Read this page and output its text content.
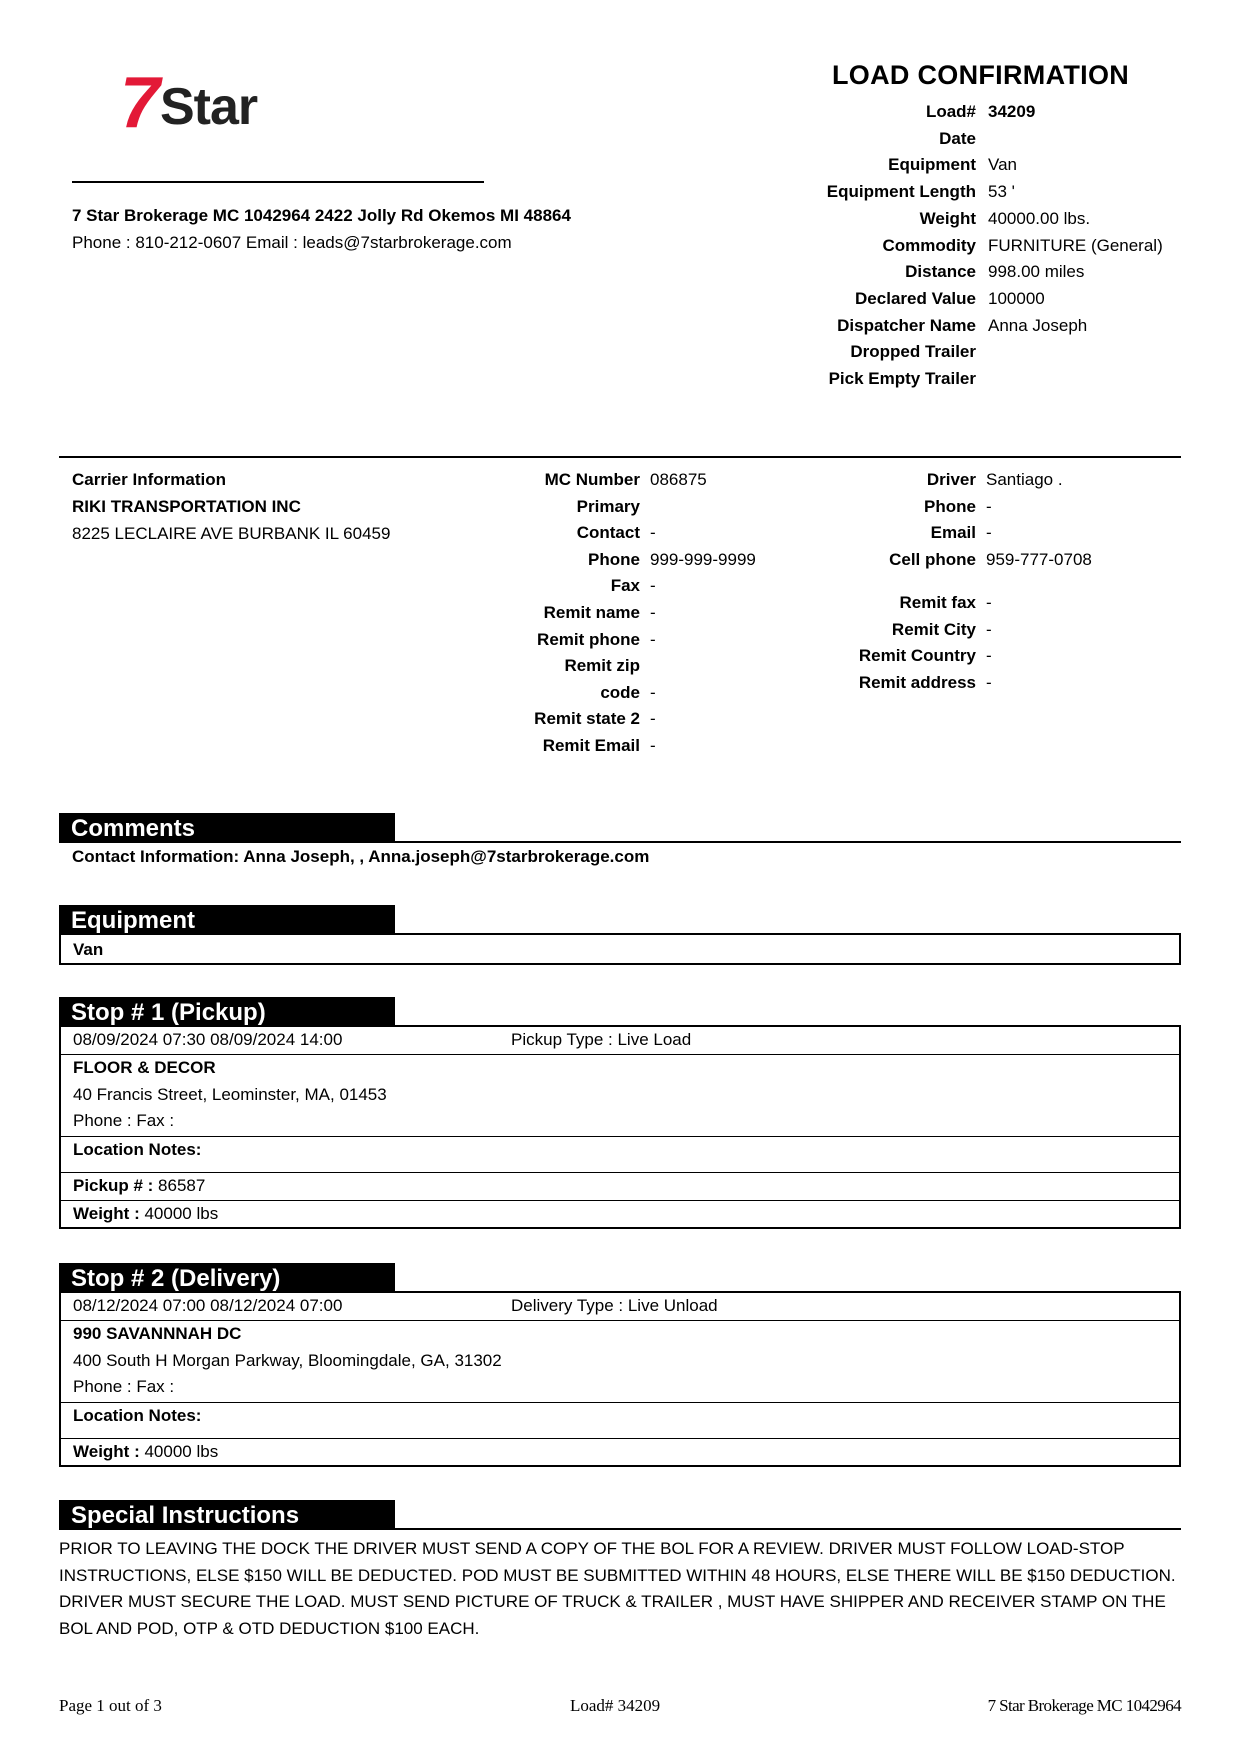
7 Star
7 Star Brokerage MC 1042964 2422 Jolly Rd Okemos MI 48864
Phone : 810-212-0607 Email : leads@7starbrokerage.com
LOAD CONFIRMATION
Load# 34209
Date
Equipment Van
Equipment Length 53 '
Weight 40000.00 lbs.
Commodity FURNITURE (General)
Distance 998.00 miles
Declared Value 100000
Dispatcher Name Anna Joseph
Dropped Trailer
Pick Empty Trailer
Carrier Information
RIKI TRANSPORTATION INC
8225 LECLAIRE AVE BURBANK IL 60459
MC Number 086875
Primary
Contact -
Phone 999-999-9999
Fax -
Remit name -
Remit phone -
Remit zip
code -
Remit state 2 -
Remit Email -
Driver Santiago .
Phone -
Email -
Cell phone 959-777-0708
Remit fax -
Remit City -
Remit Country -
Remit address -
Comments
Contact Information: Anna Joseph, , Anna.joseph@7starbrokerage.com
Equipment
Van
Stop # 1 (Pickup)
08/09/2024 07:30 08/09/2024 14:00	Pickup Type : Live Load
FLOOR & DECOR
40 Francis Street, Leominster, MA, 01453
Phone : Fax :
Location Notes:
Pickup # : 86587
Weight : 40000 lbs
Stop # 2 (Delivery)
08/12/2024 07:00 08/12/2024 07:00	Delivery Type : Live Unload
990 SAVANNNAH DC
400 South H Morgan Parkway, Bloomingdale, GA, 31302
Phone : Fax :
Location Notes:
Weight : 40000 lbs
Special Instructions
PRIOR TO LEAVING THE DOCK THE DRIVER MUST SEND A COPY OF THE BOL FOR A REVIEW. DRIVER MUST FOLLOW LOAD-STOP INSTRUCTIONS, ELSE $150 WILL BE DEDUCTED. POD MUST BE SUBMITTED WITHIN 48 HOURS, ELSE THERE WILL BE $150 DEDUCTION. DRIVER MUST SECURE THE LOAD. MUST SEND PICTURE OF TRUCK & TRAILER , MUST HAVE SHIPPER AND RECEIVER STAMP ON THE BOL AND POD, OTP & OTD DEDUCTION $100 EACH.
Page 1 out of 3	Load# 34209	7 Star Brokerage MC 1042964
